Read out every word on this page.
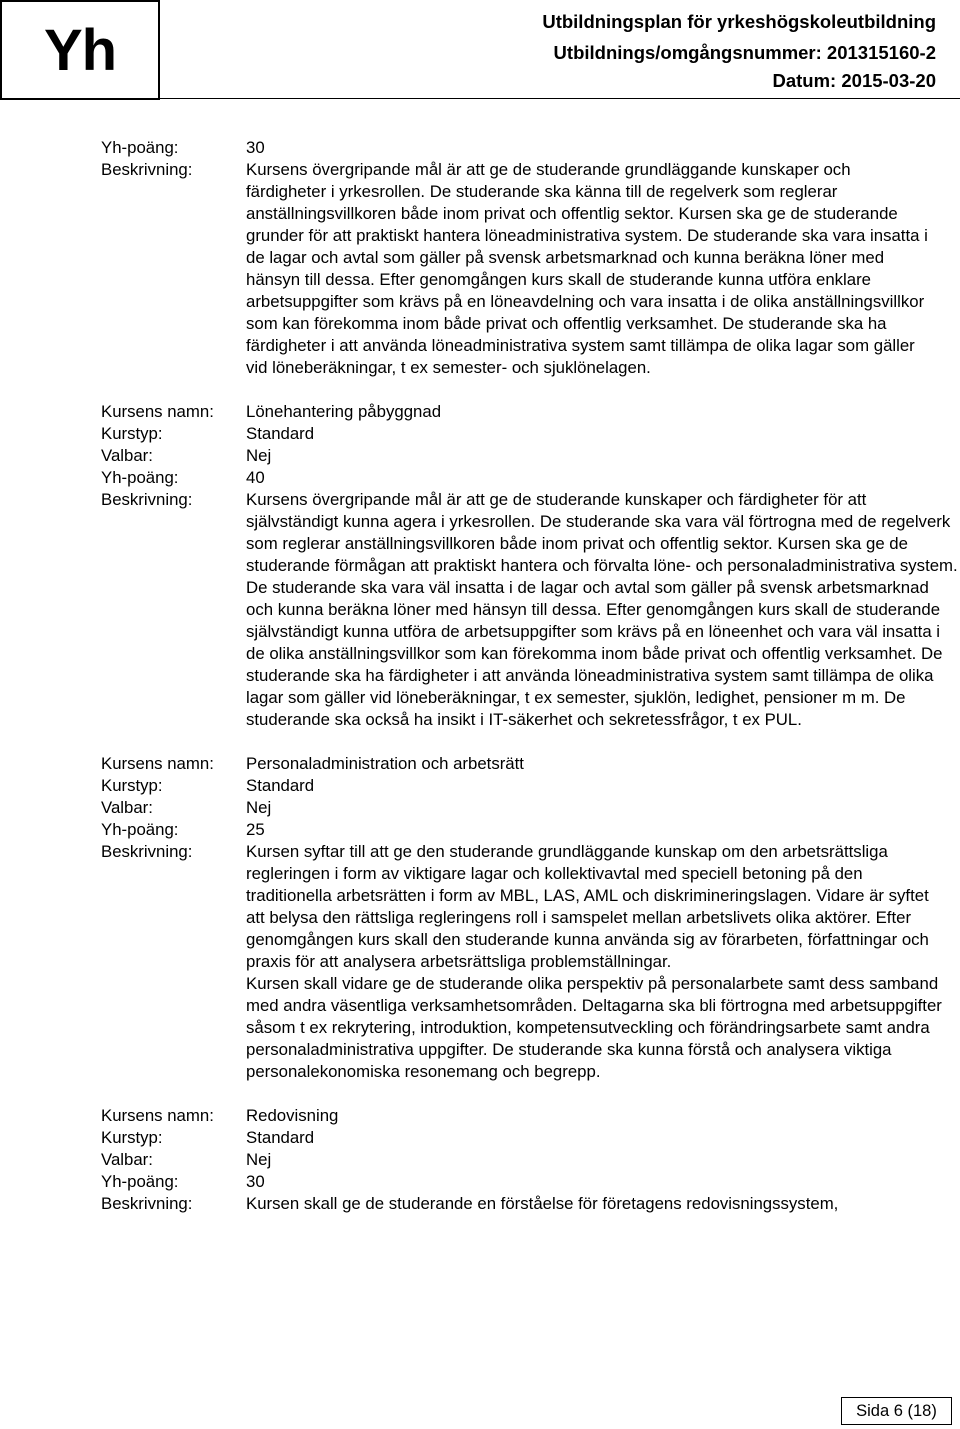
Yh	Utbildningsplan för yrkeshögskoleutbildning
Utbildnings/omgångsnummer: 201315160-2
Datum: 2015-03-20
Yh-poäng:	30
Beskrivning:	Kursens övergripande mål är att ge de studerande grundläggande kunskaper och färdigheter i yrkesrollen. De studerande ska känna till de regelverk som reglerar anställningsvillkoren både inom privat och offentlig sektor. Kursen ska ge de studerande grunder för att praktiskt hantera löneadministrativa system. De studerande ska vara insatta i de lagar och avtal som gäller på svensk arbetsmarknad och kunna beräkna löner med hänsyn till dessa. Efter genomgången kurs skall de studerande kunna utföra enklare arbetsuppgifter som krävs på en löneavdelning och vara insatta i de olika anställningsvillkor som kan förekomma inom både privat och offentlig verksamhet. De studerande ska ha färdigheter i att använda löneadministrativa system samt tillämpa de olika lagar som gäller vid löneberäkningar, t ex semester- och sjuklönelagen.
Kursens namn:	Lönehantering påbyggnad
Kurstyp:	Standard
Valbar:	Nej
Yh-poäng:	40
Beskrivning:	Kursens övergripande mål är att ge de studerande kunskaper och färdigheter för att självständigt kunna agera i yrkesrollen. De studerande ska vara väl förtrogna med de regelverk som reglerar anställningsvillkoren både inom privat och offentlig sektor. Kursen ska ge de studerande förmågan att praktiskt hantera och förvalta löne- och personaladministrativa system. De studerande ska vara väl insatta i de lagar och avtal som gäller på svensk arbetsmarknad och kunna beräkna löner med hänsyn till dessa. Efter genomgången kurs skall de studerande självständigt kunna utföra de arbetsuppgifter som krävs på en löneenhet och vara väl insatta i de olika anställningsvillkor som kan förekomma inom både privat och offentlig verksamhet. De studerande ska ha färdigheter i att använda löneadministrativa system samt tillämpa de olika lagar som gäller vid löneberäkningar, t ex semester, sjuklön, ledighet, pensioner m m. De studerande ska också ha insikt i IT-säkerhet och sekretessfrågor, t ex PUL.
Kursens namn:	Personaladministration och arbetsrätt
Kurstyp:	Standard
Valbar:	Nej
Yh-poäng:	25
Beskrivning:	Kursen syftar till att ge den studerande grundläggande kunskap om den arbetsrättsliga regleringen i form av viktigare lagar och kollektivavtal med speciell betoning på den traditionella arbetsrätten i form av MBL, LAS, AML och diskrimineringslagen. Vidare är syftet att belysa den rättsliga regleringens roll i samspelet mellan arbetslivets olika aktörer. Efter genomgången kurs skall den studerande kunna använda sig av förarbeten, författningar och praxis för att analysera arbetsrättsliga problemställningar.
Kursen skall vidare ge de studerande olika perspektiv på personalarbete samt dess samband med andra väsentliga verksamhetsområden. Deltagarna ska bli förtrogna med arbetsuppgifter såsom t ex rekrytering, introduktion, kompetensutveckling och förändringsarbete samt andra personaladministrativa uppgifter. De studerande ska kunna förstå och analysera viktiga personalekonomiska resonemang och begrepp.
Kursens namn:	Redovisning
Kurstyp:	Standard
Valbar:	Nej
Yh-poäng:	30
Beskrivning:	Kursen skall ge de studerande en förståelse för företagens redovisningssystem,
Sida 6 (18)
